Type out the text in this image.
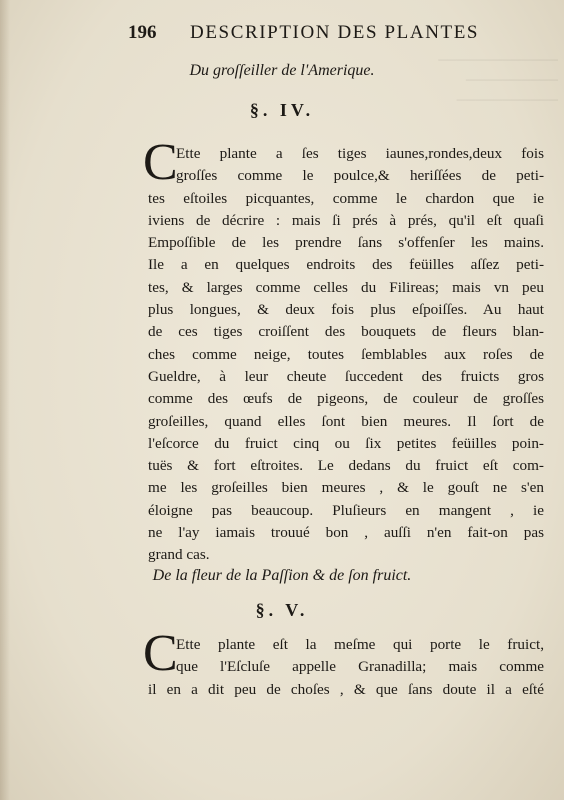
─────────────
──────────
───────────
196 DESCRIPTION DES PLANTES
Du groſſeiller de l'Amerique.
§. IV.
C
Ette plante a ſes tiges iaunes,rondes,deux fois
groſſes comme le poulce,& heriſſées de peti-
tes eſtoiles picquantes, comme le chardon que ie
iviens de décrire : mais ſi prés à prés, qu'il eſt quaſi
Empoſſible de les prendre ſans s'offenſer les mains.
Ile a en quelques endroits des feüilles aſſez peti-
tes, & larges comme celles du Filireas; mais vn peu
plus longues, & deux fois plus eſpoiſſes. Au haut
de ces tiges croiſſent des bouquets de fleurs blan-
ches comme neige, toutes ſemblables aux roſes de
Gueldre, à leur cheute ſuccedent des fruicts gros
comme des œufs de pigeons, de couleur de groſſes
groſeilles, quand elles ſont bien meures. Il ſort de
l'eſcorce du fruict cinq ou ſix petites feüilles poin-
tuës & fort eſtroites. Le dedans du fruict eſt com-
me les groſeilles bien meures , & le gouſt ne s'en
éloigne pas beaucoup. Pluſieurs en mangent , ie
ne l'ay iamais trouué bon , auſſi n'en fait-on pas
grand cas.
De la fleur de la Paſſion & de ſon fruict.
§. V.
C
Ette plante eſt la meſme qui porte le fruict,
que l'Eſcluſe appelle Granadilla; mais comme
il en a dit peu de choſes , & que ſans doute il a eſté
